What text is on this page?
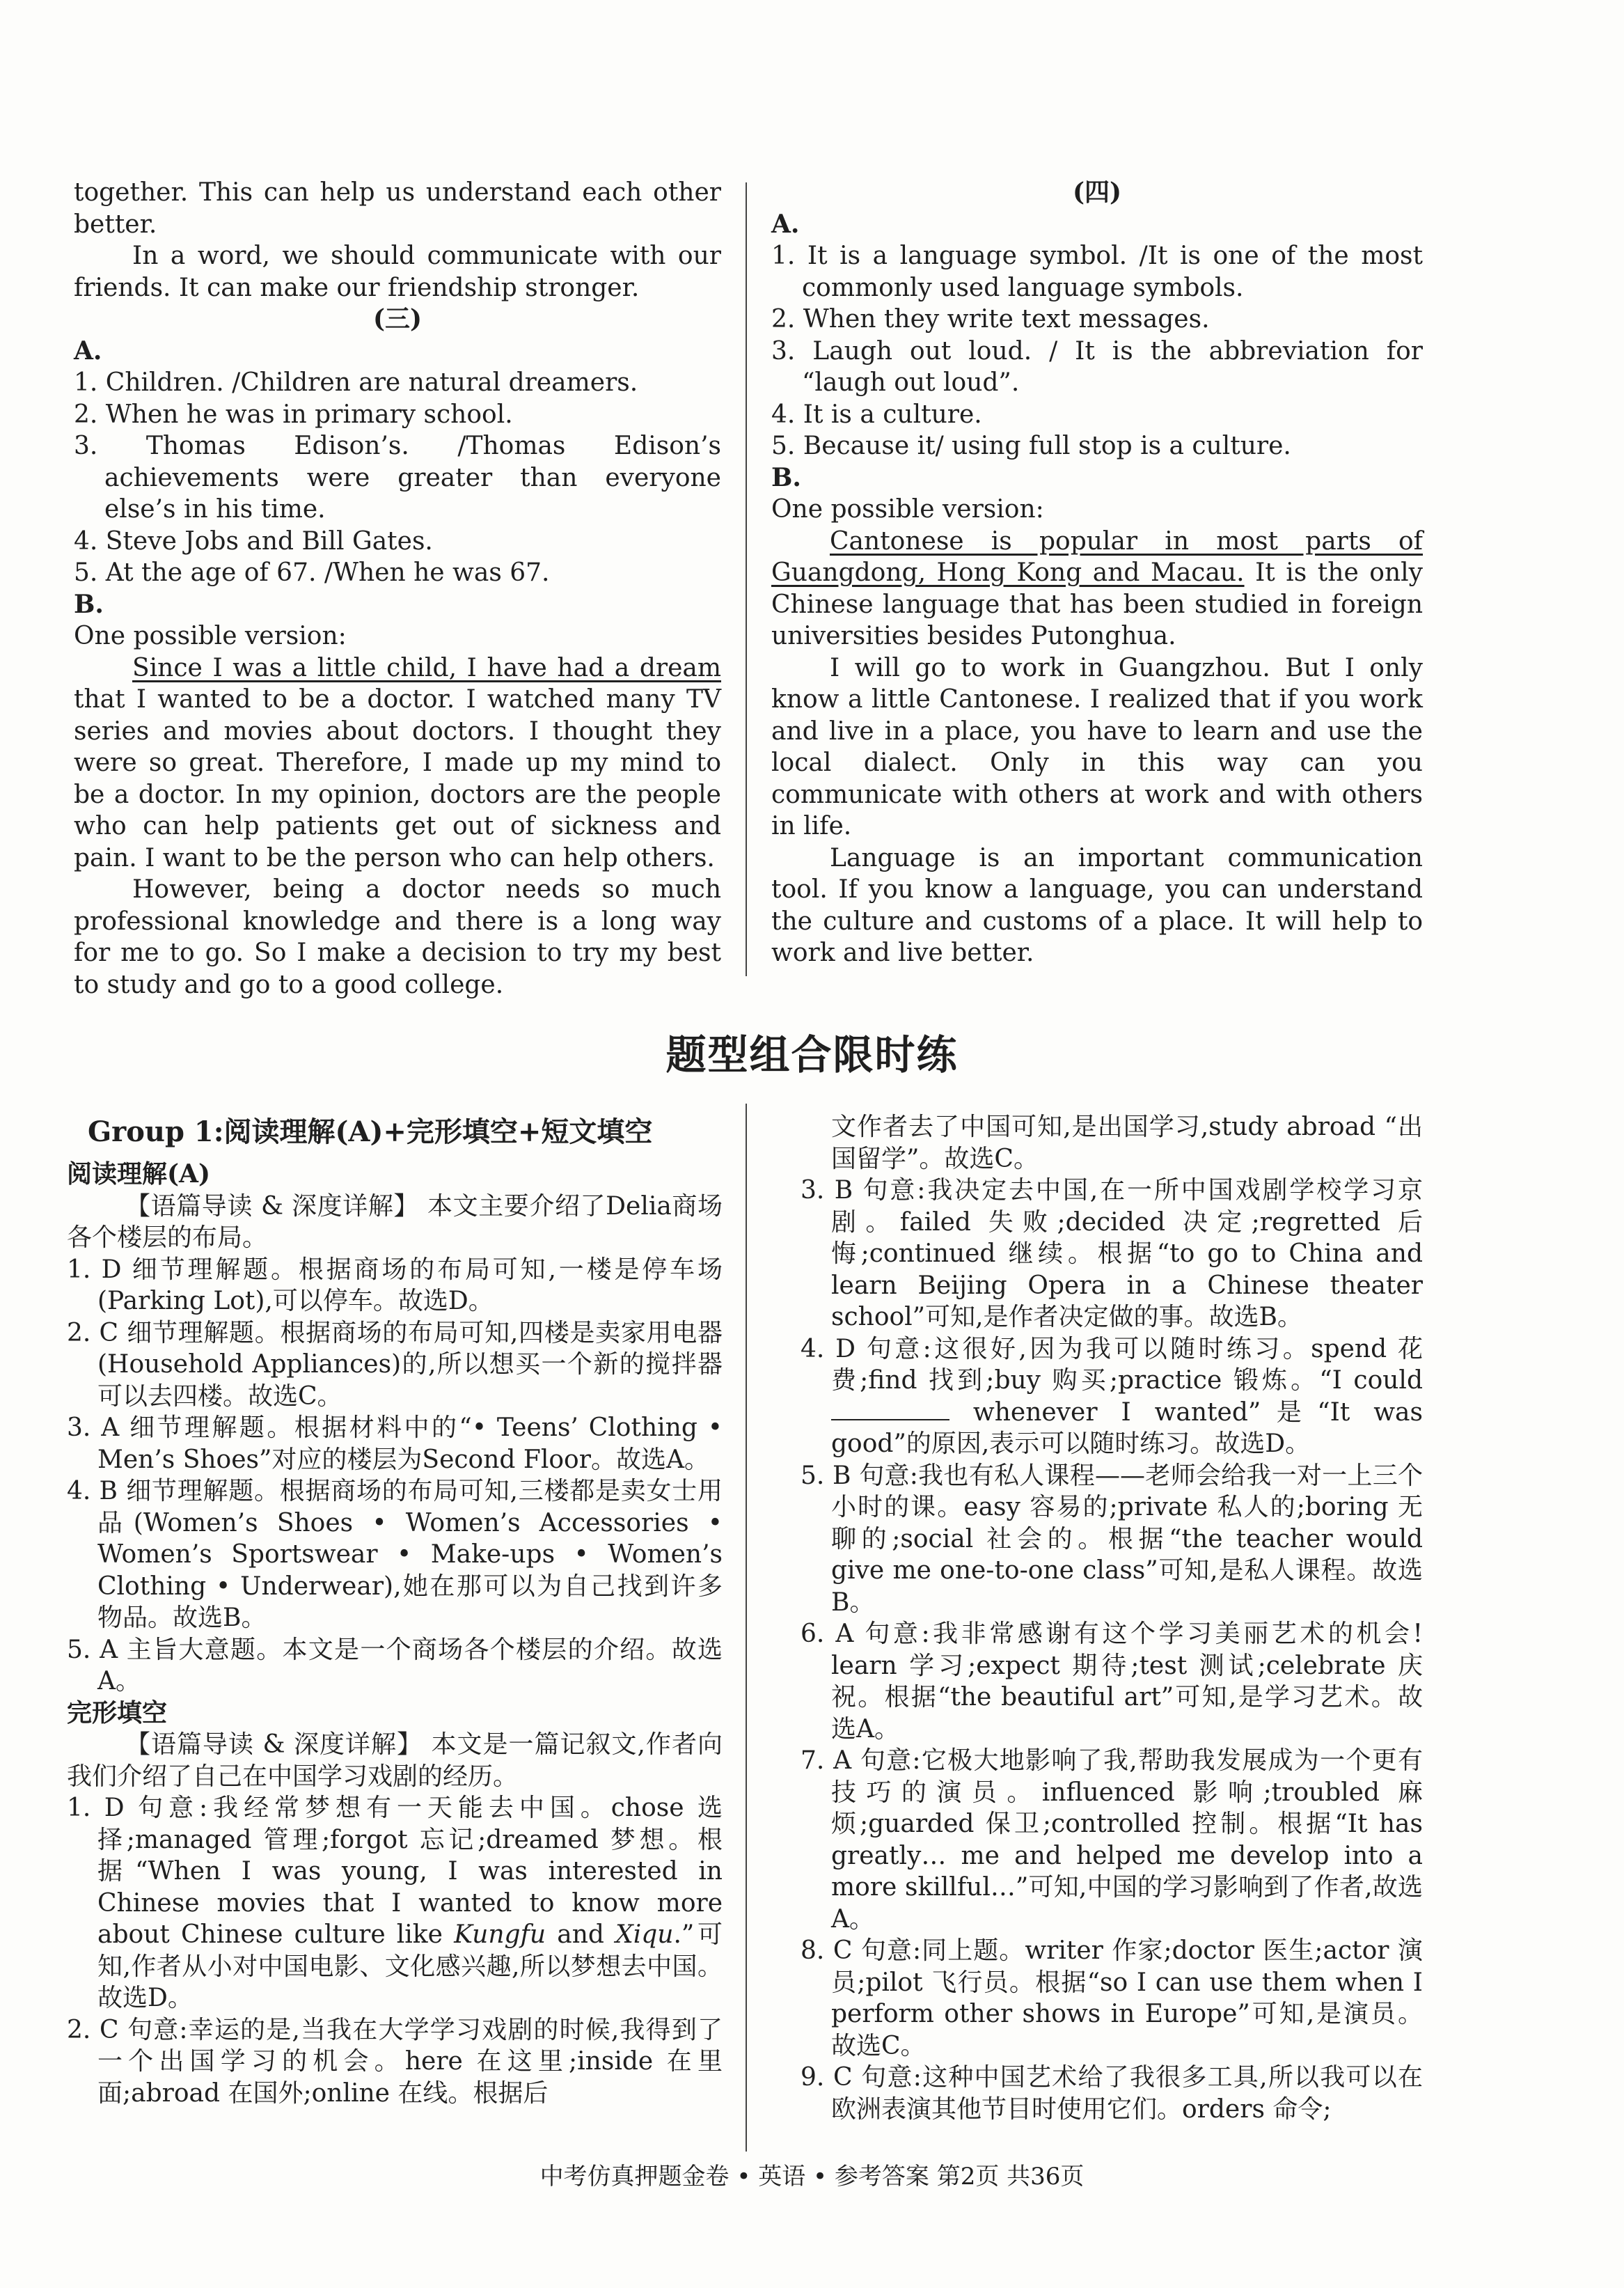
together. This can help us understand each other better.

In a word, we should communicate with our friends. It can make our friendship stronger.

(三)

A.

1. Children. /Children are natural dreamers.

2. When he was in primary school.

3. Thomas Edison’s. /Thomas Edison’s achievements were greater than everyone else’s in his time.

4. Steve Jobs and Bill Gates.

5. At the age of 67. /When he was 67.

B.

One possible version:

Since I was a little child, I have had a dream that I wanted to be a doctor. I watched many TV series and movies about doctors. I thought they were so great. Therefore, I made up my mind to be a doctor. In my opinion, doctors are the people who can help patients get out of sickness and pain. I want to be the person who can help others.

However, being a doctor needs so much professional knowledge and there is a long way for me to go. So I make a decision to try my best to study and go to a good college.

(四)

A.

1. It is a language symbol. /It is one of the most commonly used language symbols.

2. When they write text messages.

3. Laugh out loud. / It is the abbreviation for “laugh out loud”.

4. It is a culture.

5. Because it/ using full stop is a culture.

B.

One possible version:

Cantonese is popular in most parts of Guangdong, Hong Kong and Macau. It is the only Chinese language that has been studied in foreign universities besides Putonghua.

I will go to work in Guangzhou. But I only know a little Cantonese. I realized that if you work and live in a place, you have to learn and use the local dialect. Only in this way can you communicate with others at work and with others in life.

Language is an important communication tool. If you know a language, you can understand the culture and customs of a place. It will help to work and live better.

题型组合限时练

Group 1:阅读理解(A)+完形填空+短文填空

阅读理解(A)

【语篇导读 & 深度详解】 本文主要介绍了Delia商场各个楼层的布局。

1. D 细节理解题。根据商场的布局可知,一楼是停车场(Parking Lot),可以停车。故选D。

2. C 细节理解题。根据商场的布局可知,四楼是卖家用电器(Household Appliances)的,所以想买一个新的搅拌器可以去四楼。故选C。

3. A 细节理解题。根据材料中的“• Teens’ Clothing • Men’s Shoes”对应的楼层为Second Floor。故选A。

4. B 细节理解题。根据商场的布局可知,三楼都是卖女士用品(Women’s Shoes • Women’s Accessories • Women’s Sportswear • Make-ups • Women’s Clothing • Underwear),她在那可以为自己找到许多物品。故选B。

5. A 主旨大意题。本文是一个商场各个楼层的介绍。故选A。

完形填空

【语篇导读 & 深度详解】 本文是一篇记叙文,作者向我们介绍了自己在中国学习戏剧的经历。

1. D 句意:我经常梦想有一天能去中国。chose 选择;managed 管理;forgot 忘记;dreamed 梦想。根据“When I was young, I was interested in Chinese movies that I wanted to know more about Chinese culture like Kungfu and Xiqu.”可知,作者从小对中国电影、文化感兴趣,所以梦想去中国。故选D。

2. C 句意:幸运的是,当我在大学学习戏剧的时候,我得到了一个出国学习的机会。here 在这里;inside 在里面;abroad 在国外;online 在线。根据后

文作者去了中国可知,是出国学习,study abroad “出国留学”。故选C。

3. B 句意:我决定去中国,在一所中国戏剧学校学习京剧。failed 失败;decided 决定;regretted 后悔;continued 继续。根据“to go to China and learn Beijing Opera in a Chinese theater school”可知,是作者决定做的事。故选B。

4. D 句意:这很好,因为我可以随时练习。spend 花费;find 找到;buy 购买;practice 锻炼。“I could  whenever I wanted”是“It was good”的原因,表示可以随时练习。故选D。

5. B 句意:我也有私人课程——老师会给我一对一上三个小时的课。easy 容易的;private 私人的;boring 无聊的;social 社会的。根据“the teacher would give me one-to-one class”可知,是私人课程。故选B。

6. A 句意:我非常感谢有这个学习美丽艺术的机会! learn 学习;expect 期待;test 测试;celebrate 庆祝。根据“the beautiful art”可知,是学习艺术。故选A。

7. A 句意:它极大地影响了我,帮助我发展成为一个更有技巧的演员。influenced 影响;troubled 麻烦;guarded 保卫;controlled 控制。根据“It has greatly… me and helped me develop into a more skillful…”可知,中国的学习影响到了作者,故选A。

8. C 句意:同上题。writer 作家;doctor 医生;actor 演员;pilot 飞行员。根据“so I can use them when I perform other shows in Europe”可知,是演员。故选C。

9. C 句意:这种中国艺术给了我很多工具,所以我可以在欧洲表演其他节目时使用它们。orders 命令;

中考仿真押题金卷 • 英语 • 参考答案 第2页 共36页
